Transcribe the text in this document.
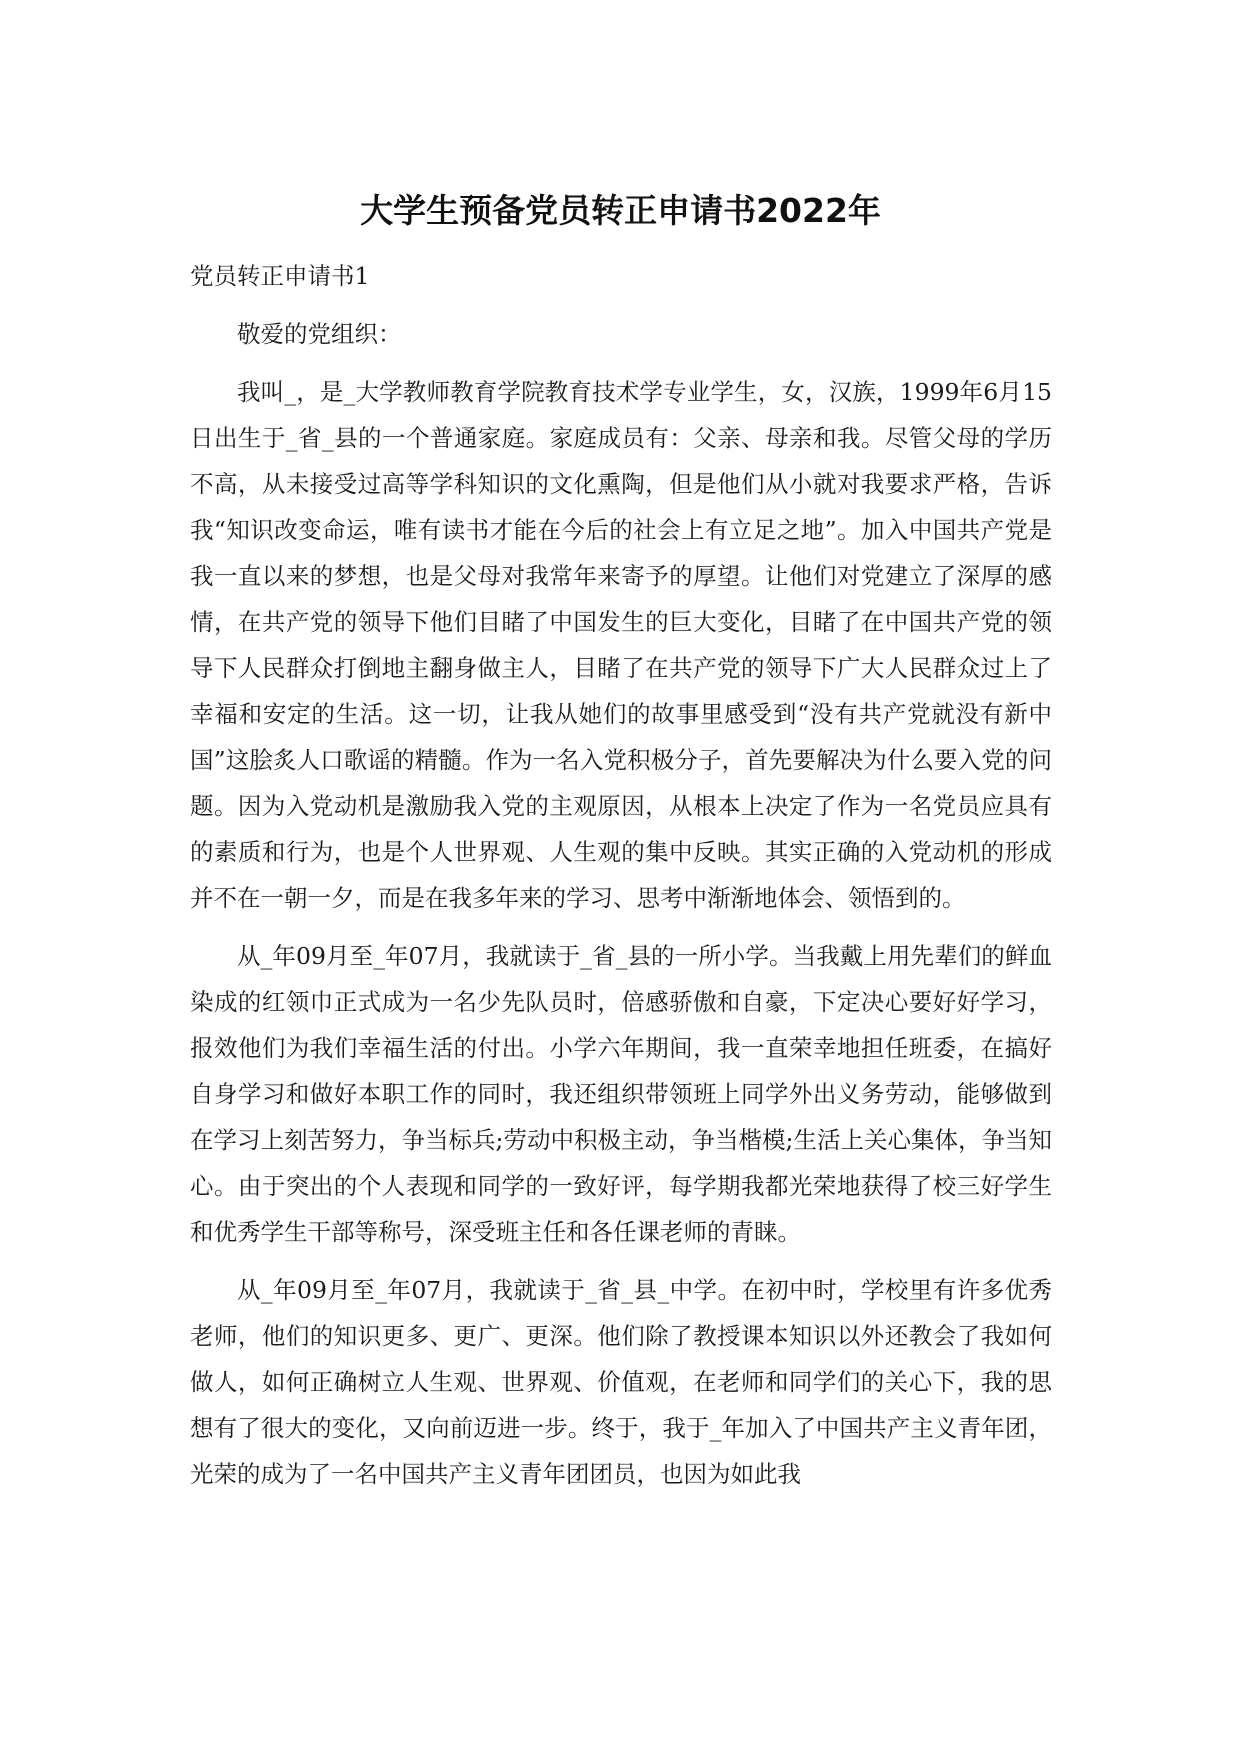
大学生预备党员转正申请书2022年

党员转正申请书1

敬爱的党组织：

我叫_，是_大学教师教育学院教育技术学专业学生，女，汉族，1999年6月15日出生于_省_县的一个普通家庭。家庭成员有：父亲、母亲和我。尽管父母的学历不高，从未接受过高等学科知识的文化熏陶，但是他们从小就对我要求严格，告诉我“知识改变命运，唯有读书才能在今后的社会上有立足之地”。加入中国共产党是我一直以来的梦想，也是父母对我常年来寄予的厚望。让他们对党建立了深厚的感情，在共产党的领导下他们目睹了中国发生的巨大变化，目睹了在中国共产党的领导下人民群众打倒地主翻身做主人，目睹了在共产党的领导下广大人民群众过上了幸福和安定的生活。这一切，让我从她们的故事里感受到“没有共产党就没有新中国”这脍炙人口歌谣的精髓。作为一名入党积极分子，首先要解决为什么要入党的问题。因为入党动机是激励我入党的主观原因，从根本上决定了作为一名党员应具有的素质和行为，也是个人世界观、人生观的集中反映。其实正确的入党动机的形成并不在一朝一夕，而是在我多年来的学习、思考中渐渐地体会、领悟到的。

从_年09月至_年07月，我就读于_省_县的一所小学。当我戴上用先辈们的鲜血染成的红领巾正式成为一名少先队员时，倍感骄傲和自豪，下定决心要好好学习，报效他们为我们幸福生活的付出。小学六年期间，我一直荣幸地担任班委，在搞好自身学习和做好本职工作的同时，我还组织带领班上同学外出义务劳动，能够做到在学习上刻苦努力，争当标兵;劳动中积极主动，争当楷模;生活上关心集体，争当知心。由于突出的个人表现和同学的一致好评，每学期我都光荣地获得了校三好学生和优秀学生干部等称号，深受班主任和各任课老师的青睐。

从_年09月至_年07月，我就读于_省_县_中学。在初中时，学校里有许多优秀老师，他们的知识更多、更广、更深。他们除了教授课本知识以外还教会了我如何做人，如何正确树立人生观、世界观、价值观，在老师和同学们的关心下，我的思想有了很大的变化，又向前迈进一步。终于，我于_年加入了中国共产主义青年团，光荣的成为了一名中国共产主义青年团团员，也因为如此我
